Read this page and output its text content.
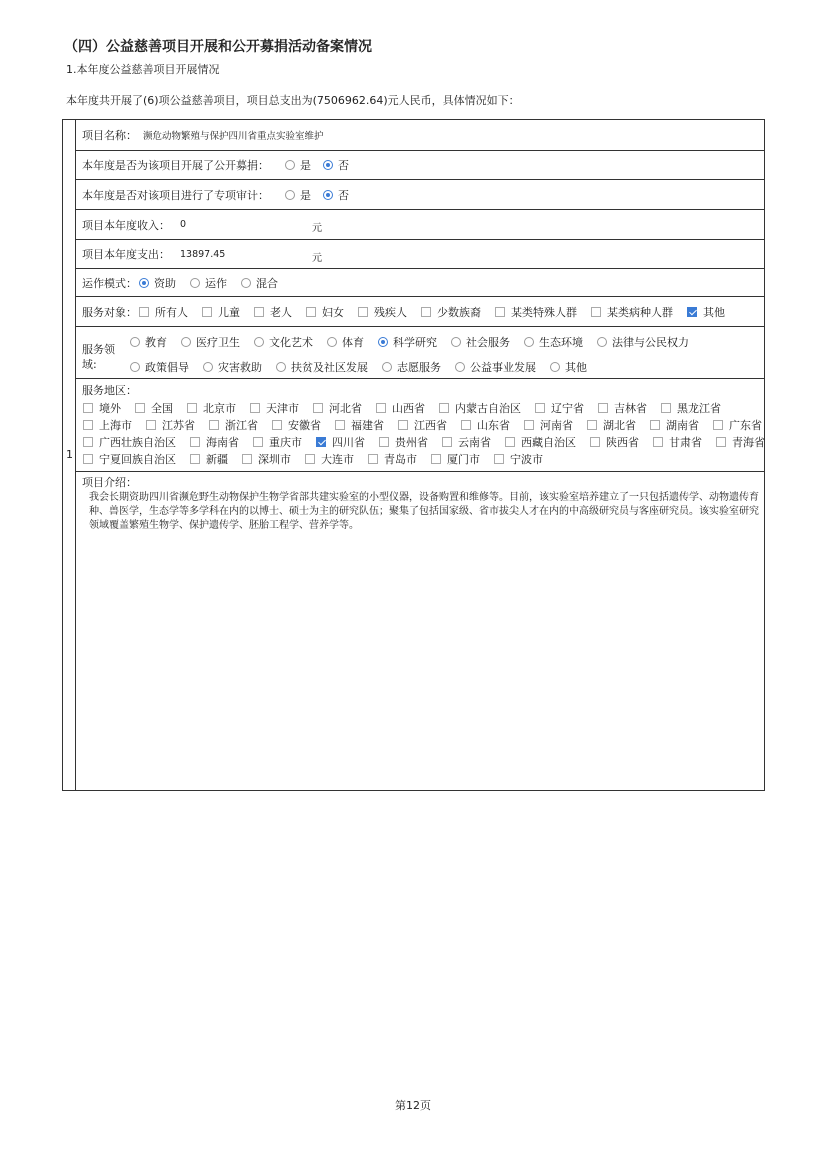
（四）公益慈善项目开展和公开募捐活动备案情况
1.本年度公益慈善项目开展情况
本年度共开展了(6)项公益慈善项目，项目总支出为(7506962.64)元人民币，具体情况如下：
1
项目名称： 濒危动物繁殖与保护四川省重点实验室维护
本年度是否为该项目开展了公开募捐：	是 否
本年度是否对该项目进行了专项审计：	是 否
项目本年度收入： 0	元
项目本年度支出： 13897.45	元
运作模式： 资助	运作	混合
服务对象： 所有人	儿童	老人	妇女	残疾人	少数族裔	某类特殊人群	某类病种人群	其他
服务领
域:
教育	医疗卫生	文化艺术	体育	科学研究	社会服务	生态环境	法律与公民权力
政策倡导	灾害救助	扶贫及社区发展	志愿服务	公益事业发展	其他
服务地区：
境外	全国	北京市	天津市	河北省	山西省	内蒙古自治区	辽宁省	吉林省	黑龙江省
上海市	江苏省	浙江省	安徽省	福建省	江西省	山东省	河南省	湖北省	湖南省	广东省
广西壮族自治区	海南省	重庆市	四川省	贵州省	云南省	西藏自治区	陕西省	甘肃省	青海省
宁夏回族自治区	新疆	深圳市	大连市	青岛市	厦门市	宁波市
项目介绍：
我会长期资助四川省濒危野生动物保护生物学省部共建实验室的小型仪器，设备购置和维修等。目前，该实验室培养建立了一只包括遗传学、动物遗传育种、兽医学，生态学等多学科在内的以博士、硕士为主的研究队伍；聚集了包括国家级、省市拔尖人才在内的中高级研究员与客座研究员。该实验室研究领域覆盖繁殖生物学、保护遗传学、胚胎工程学、营养学等。
第12页
